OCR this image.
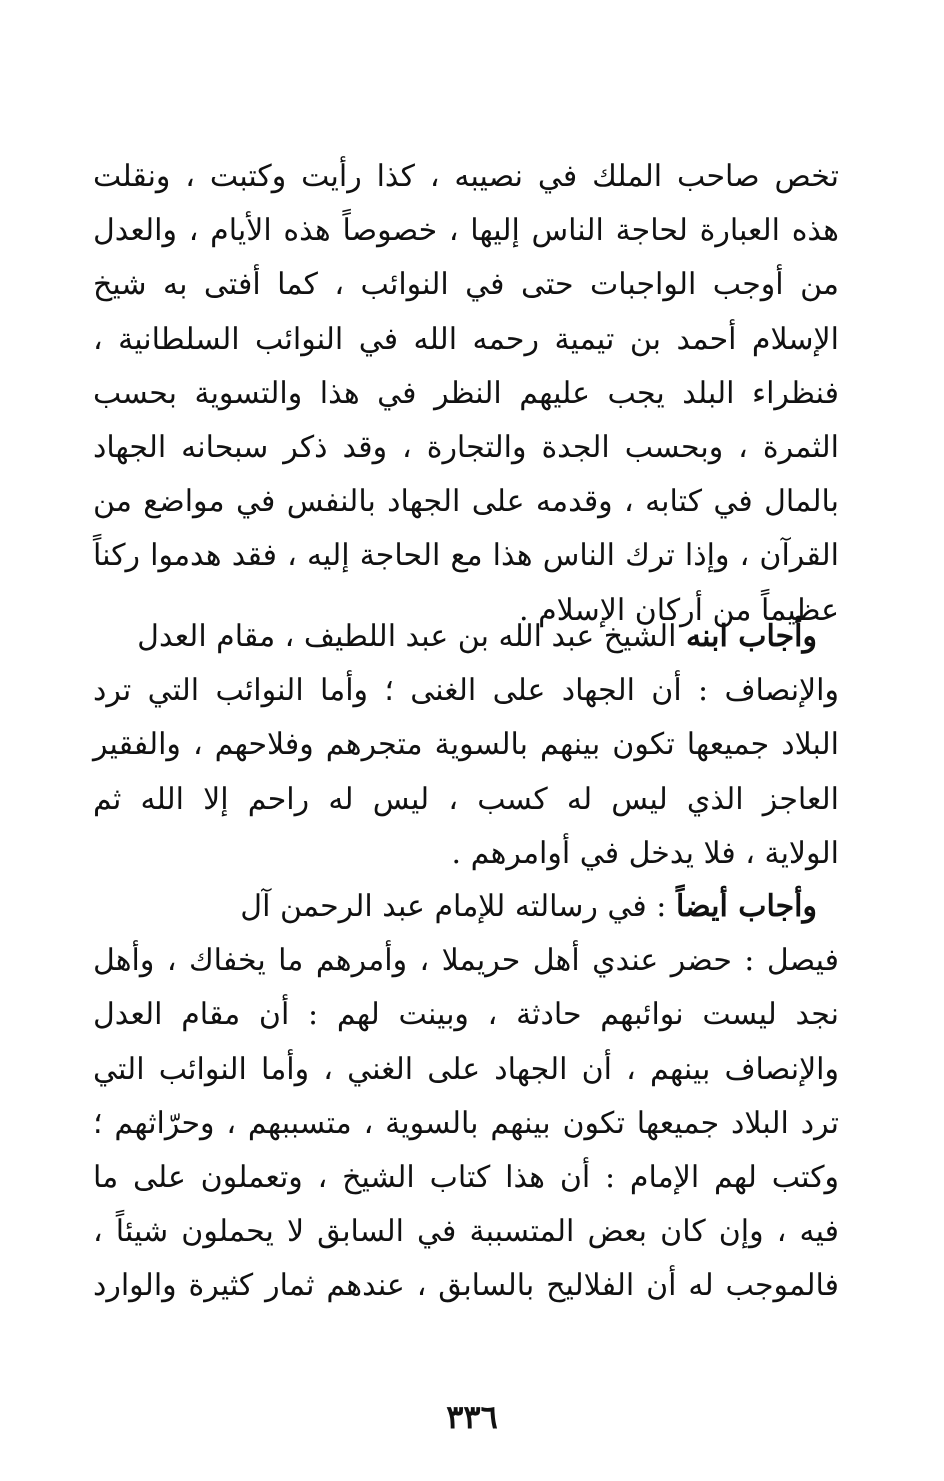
تخص صاحب الملك في نصيبه ، كذا رأيت وكتبت ، ونقلت
هذه العبارة لحاجة الناس إليها ، خصوصاً هذه الأيام ، والعدل
من أوجب الواجبات حتى في النوائب ، كما أفتى به شيخ
الإسلام أحمد بن تيمية رحمه الله في النوائب السلطانية ،
فنظراء البلد يجب عليهم النظر في هذا والتسوية بحسب
الثمرة ، وبحسب الجدة والتجارة ، وقد ذكر سبحانه الجهاد
بالمال في كتابه ، وقدمه على الجهاد بالنفس في مواضع من
القرآن ، وإذا ترك الناس هذا مع الحاجة إليه ، فقد هدموا ركناً
عظيماً من أركان الإسلام .
وأجاب ابنه الشيخ عبد الله بن عبد اللطيف ، مقام العدل
والإنصاف : أن الجهاد على الغنى ؛ وأما النوائب التي ترد
البلاد جميعها تكون بينهم بالسوية متجرهم وفلاحهم ، والفقير
العاجز الذي ليس له كسب ، ليس له راحم إلا الله ثم
الولاية ، فلا يدخل في أوامرهم .
وأجاب أيضاً : في رسالته للإمام عبد الرحمن آل
فيصل : حضر عندي أهل حريملا ، وأمرهم ما يخفاك ، وأهل
نجد ليست نوائبهم حادثة ، وبينت لهم : أن مقام العدل
والإنصاف بينهم ، أن الجهاد على الغني ، وأما النوائب التي
ترد البلاد جميعها تكون بينهم بالسوية ، متسببهم ، وحرّاثهم ؛
وكتب لهم الإمام : أن هذا كتاب الشيخ ، وتعملون على ما
فيه ، وإن كان بعض المتسببة في السابق لا يحملون شيئاً ،
فالموجب له أن الفلاليح بالسابق ، عندهم ثمار كثيرة والوارد
٣٣٦
